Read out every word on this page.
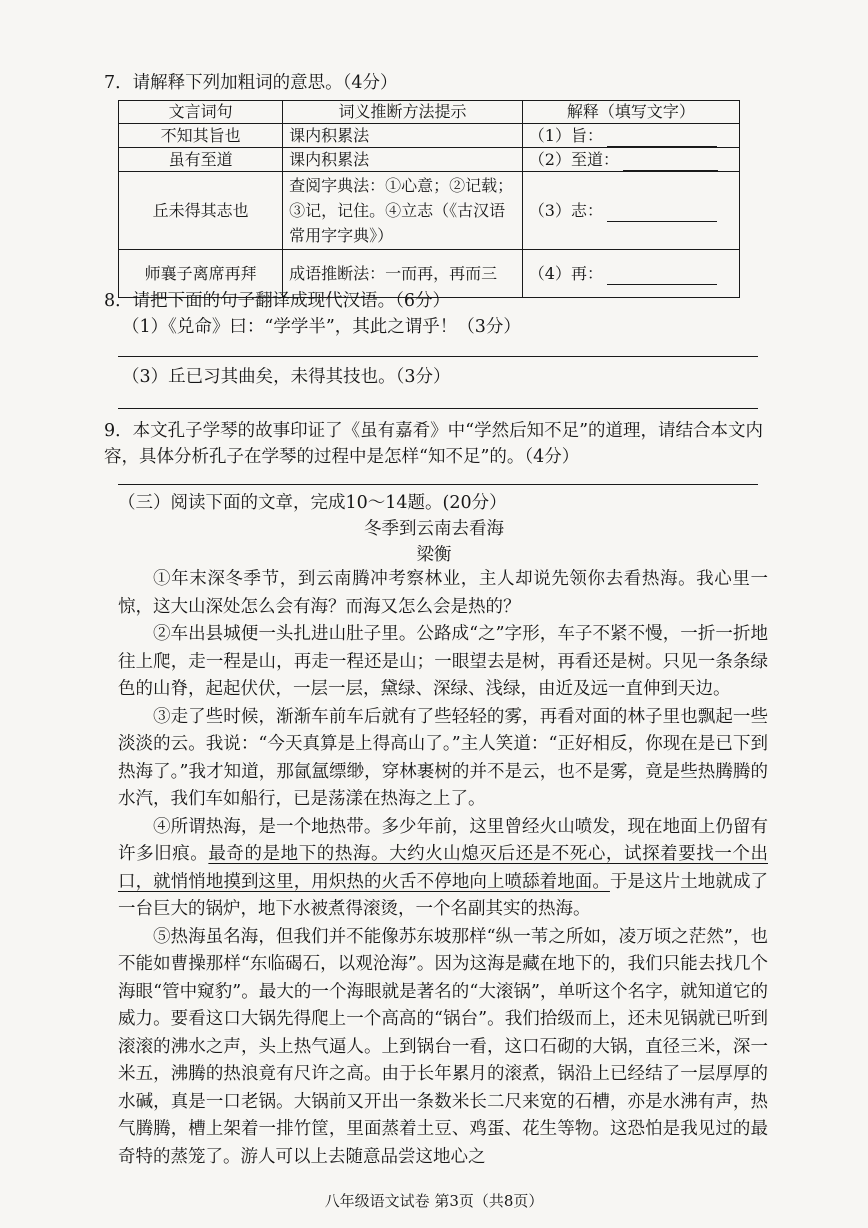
7．请解释下列加粗词的意思。（4分）
文言词句	词义推断方法提示	解释（填写文字）
不知其旨也	课内积累法	（1）旨：
虽有至道	课内积累法	（2）至道：
丘未得其志也	查阅字典法：①心意；②记载；③记，记住。④立志（《古汉语常用字字典》）	（3）志：
师襄子离席再拜	成语推断法：一而再，再而三	（4）再：
8．请把下面的句子翻译成现代汉语。（6分）
（1）《兑命》曰：“学学半”，其此之谓乎！（3分）
（3）丘已习其曲矣，未得其技也。（3分）
9．本文孔子学琴的故事印证了《虽有嘉肴》中“学然后知不足”的道理，请结合本文内容，具体分析孔子在学琴的过程中是怎样“知不足”的。（4分）
（三）阅读下面的文章，完成10～14题。(20分）
冬季到云南去看海
梁衡

①年末深冬季节，到云南腾冲考察林业，主人却说先领你去看热海。我心里一惊，这大山深处怎么会有海？而海又怎么会是热的？

②车出县城便一头扎进山肚子里。公路成“之”字形，车子不紧不慢，一折一折地往上爬，走一程是山，再走一程还是山；一眼望去是树，再看还是树。只见一条条绿色的山脊，起起伏伏，一层一层，黛绿、深绿、浅绿，由近及远一直伸到天边。

③走了些时候，渐渐车前车后就有了些轻轻的雾，再看对面的林子里也飘起一些淡淡的云。我说：“今天真算是上得高山了。”主人笑道：“正好相反，你现在是已下到热海了。”我才知道，那氤氲缥缈，穿林裹树的并不是云，也不是雾，竟是些热腾腾的水汽，我们车如船行，已是荡漾在热海之上了。

④所谓热海，是一个地热带。多少年前，这里曾经火山喷发，现在地面上仍留有许多旧痕。最奇的是地下的热海。大约火山熄灭后还是不死心，试探着要找一个出口，就悄悄地摸到这里，用炽热的火舌不停地向上喷舔着地面。于是这片土地就成了一台巨大的锅炉，地下水被煮得滚烫，一个名副其实的热海。

⑤热海虽名海，但我们并不能像苏东坡那样“纵一苇之所如，凌万顷之茫然”，也不能如曹操那样“东临碣石，以观沧海”。因为这海是藏在地下的，我们只能去找几个海眼“管中窥豹”。最大的一个海眼就是著名的“大滚锅”，单听这个名字，就知道它的威力。要看这口大锅先得爬上一个高高的“锅台”。我们拾级而上，还未见锅就已听到滚滚的沸水之声，头上热气逼人。上到锅台一看，这口石砌的大锅，直径三米，深一米五，沸腾的热浪竟有尺许之高。由于长年累月的滚煮，锅沿上已经结了一层厚厚的水碱，真是一口老锅。大锅前又开出一条数米长二尺来宽的石槽，亦是水沸有声，热气腾腾，槽上架着一排竹筐，里面蒸着土豆、鸡蛋、花生等物。这恐怕是我见过的最奇特的蒸笼了。游人可以上去随意品尝这地心之

八年级语文试卷 第3页（共8页）
